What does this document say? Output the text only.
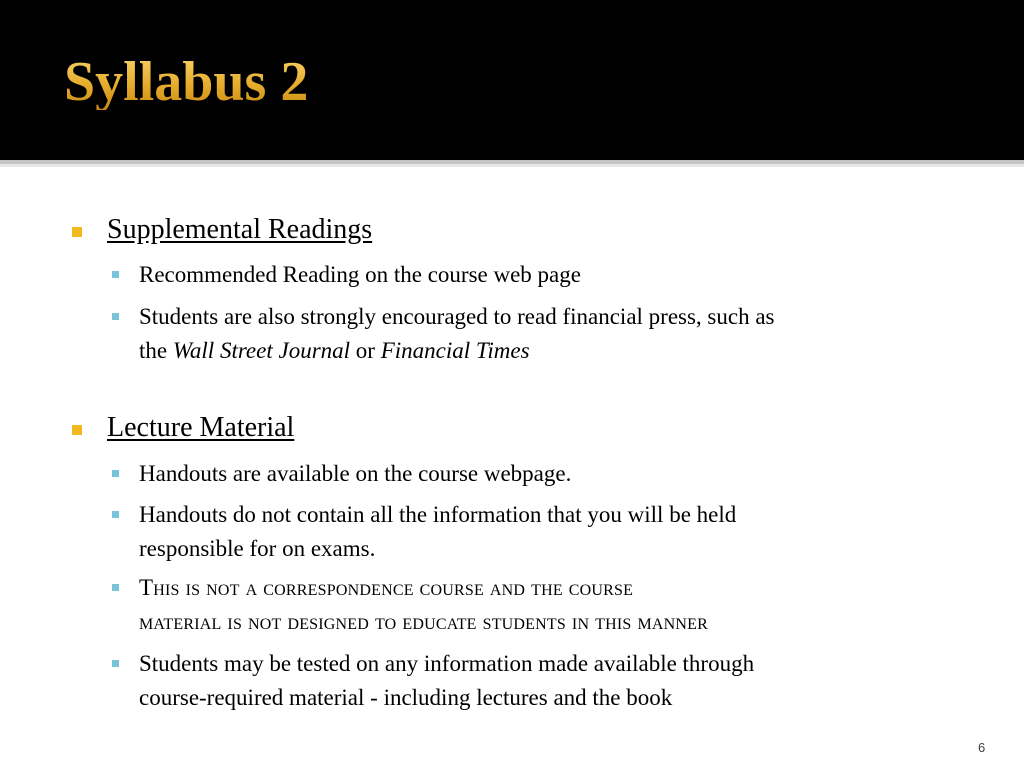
Syllabus 2
Supplemental Readings
Recommended Reading on the course web page
Students are also strongly encouraged to read financial press, such as
the Wall Street Journal or Financial Times
Lecture Material
Handouts are available on the course webpage.
Handouts do not contain all the information that you will be held
responsible for on exams.
This is not a correspondence course and the course
material is not designed to educate students in this manner
Students may be tested on any information made available through
course-required material - including lectures and the book
6
